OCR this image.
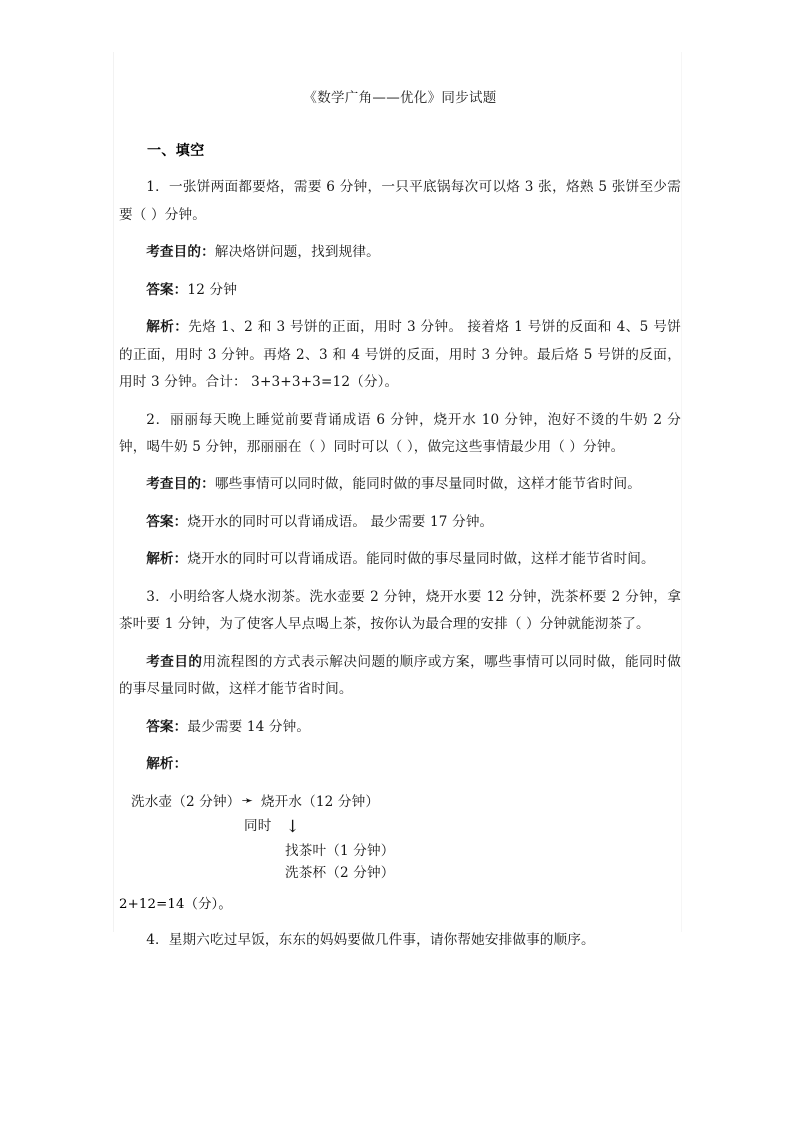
《数学广角——优化》同步试题
一、填空

1．一张饼两面都要烙，需要 6 分钟，一只平底锅每次可以烙 3 张，烙熟 5 张饼至少需要（ ）分钟。

考查目的：解决烙饼问题，找到规律。

答案：12 分钟

解析：先烙 1、2 和 3 号饼的正面，用时 3 分钟。 接着烙 1 号饼的反面和 4、5 号饼的正面，用时 3 分钟。再烙 2、3 和 4 号饼的反面，用时 3 分钟。最后烙 5 号饼的反面，用时 3 分钟。合计： 3+3+3+3=12（分）。

2．丽丽每天晚上睡觉前要背诵成语 6 分钟，烧开水 10 分钟，泡好不烫的牛奶 2 分钟，喝牛奶 5 分钟，那丽丽在（ ）同时可以（ ），做完这些事情最少用（ ）分钟。

考查目的：哪些事情可以同时做，能同时做的事尽量同时做，这样才能节省时间。

答案：烧开水的同时可以背诵成语。 最少需要 17 分钟。

解析：烧开水的同时可以背诵成语。能同时做的事尽量同时做，这样才能节省时间。

3．小明给客人烧水沏茶。洗水壶要 2 分钟，烧开水要 12 分钟，洗茶杯要 2 分钟，拿茶叶要 1 分钟，为了使客人早点喝上茶，按你认为最合理的安排（ ）分钟就能沏茶了。

考查目的用流程图的方式表示解决问题的顺序或方案，哪些事情可以同时做，能同时做的事尽量同时做，这样才能节省时间。

答案：最少需要 14 分钟。

解析：

洗水壶（2 分钟）➛ 烧开水（12 分钟）
同时 ↓
找茶叶（1 分钟）
洗茶杯（2 分钟）

2+12=14（分）。

4．星期六吃过早饭，东东的妈妈要做几件事，请你帮她安排做事的顺序。
